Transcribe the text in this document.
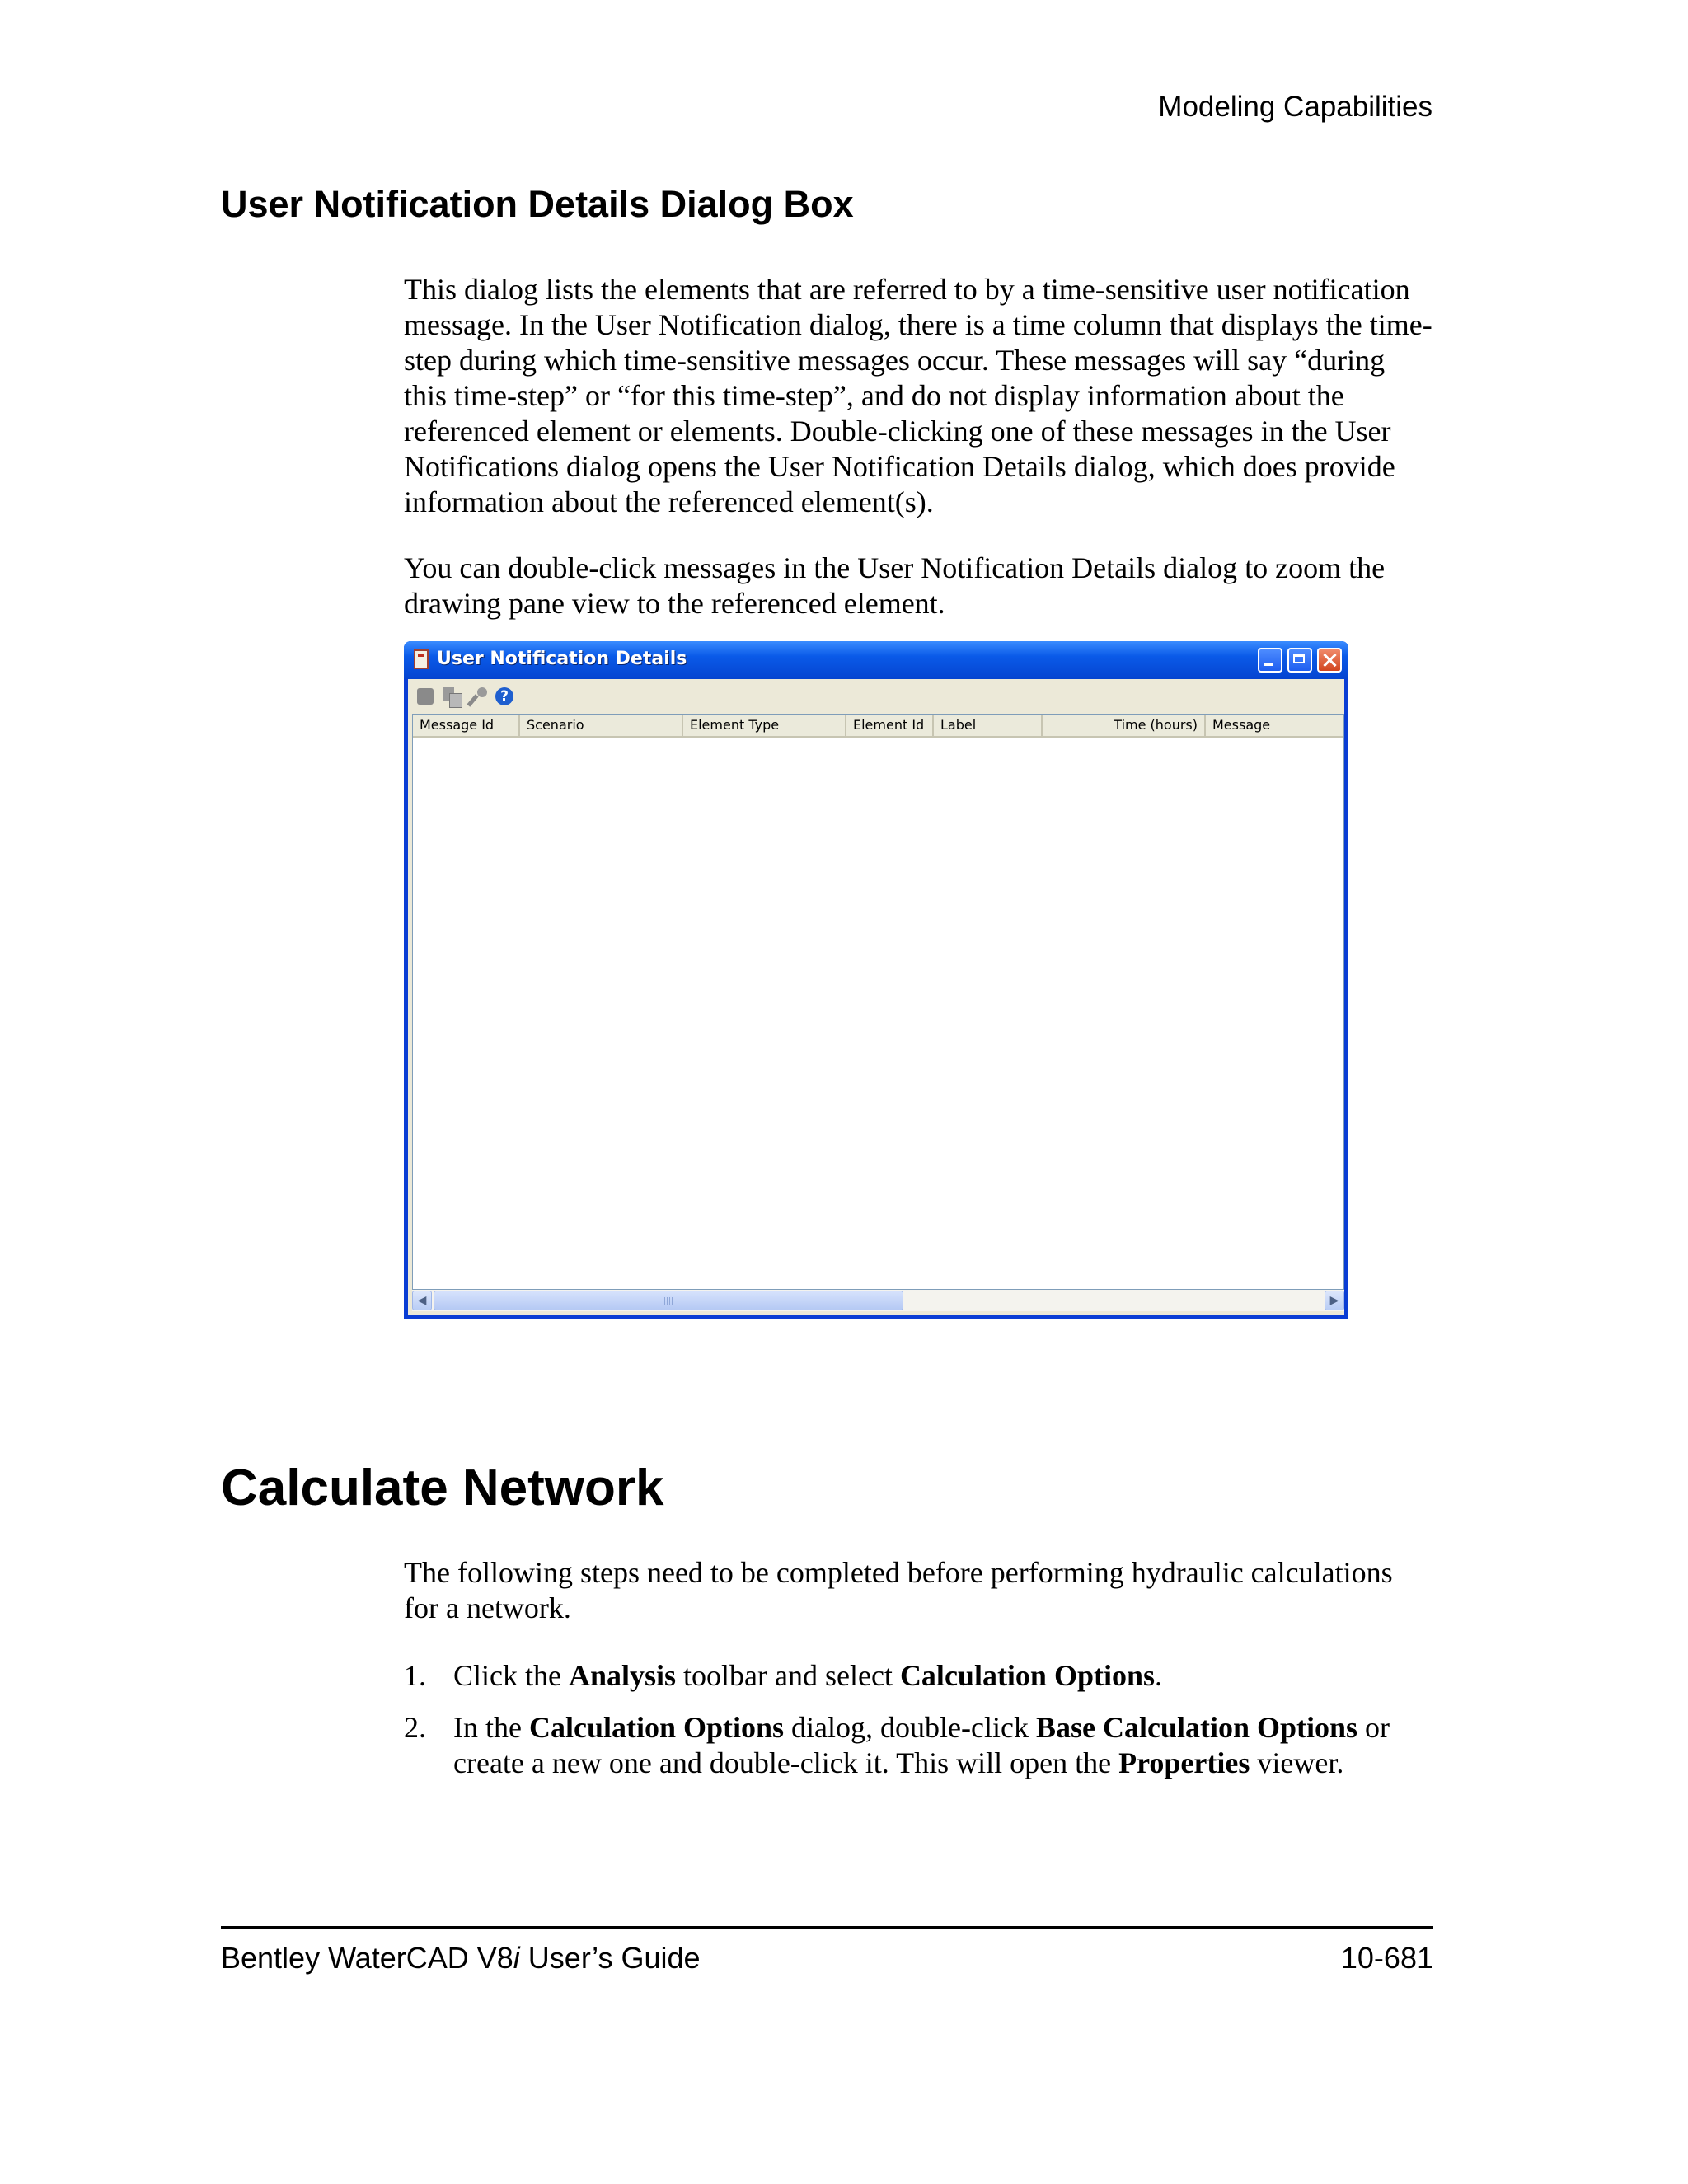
Modeling Capabilities
User Notification Details Dialog Box
This dialog lists the elements that are referred to by a time-sensitive user notification message. In the User Notification dialog, there is a time column that displays the time-step during which time-sensitive messages occur. These messages will say “during this time-step” or “for this time-step”, and do not display information about the referenced element or elements. Double-clicking one of these messages in the User Notifications dialog opens the User Notification Details dialog, which does provide information about the referenced element(s).
You can double-click messages in the User Notification Details dialog to zoom the drawing pane view to the referenced element.
User Notification Details
?
Message Id	Scenario	Element Type	Element Id	Label	Time (hours)	Message
◀	▶
Calculate Network
The following steps need to be completed before performing hydraulic calculations for a network.
1. Click the Analysis toolbar and select Calculation Options.
2. In the Calculation Options dialog, double-click Base Calculation Options or create a new one and double-click it. This will open the Properties viewer.
Bentley WaterCAD V8i User’s Guide	10-681
